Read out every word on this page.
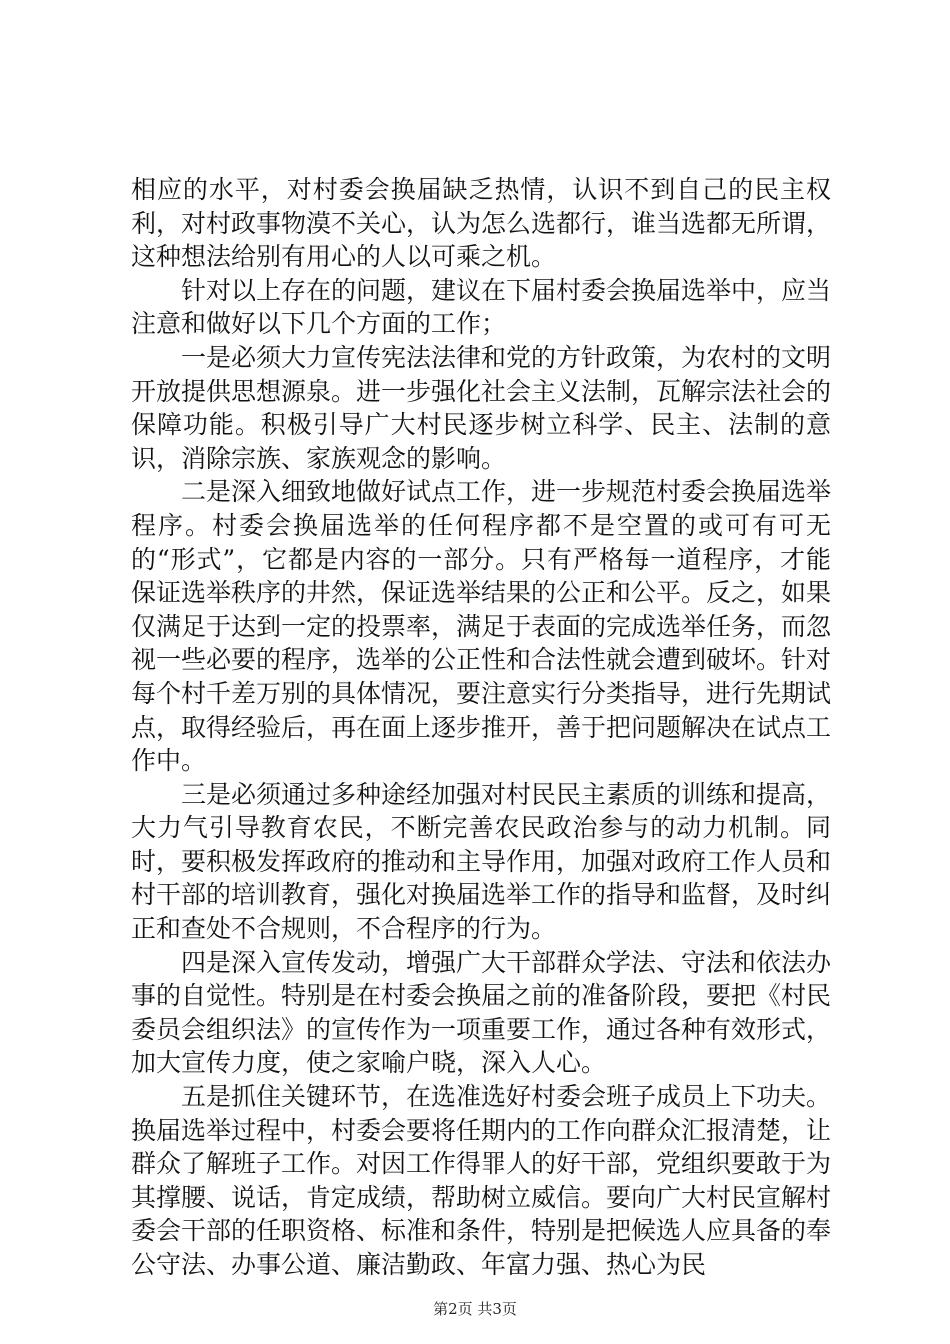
相应的水平，对村委会换届缺乏热情，认识不到自己的民主权利，对村政事物漠不关心，认为怎么选都行，谁当选都无所谓，这种想法给别有用心的人以可乘之机。

针对以上存在的问题，建议在下届村委会换届选举中，应当注意和做好以下几个方面的工作；

一是必须大力宣传宪法法律和党的方针政策，为农村的文明开放提供思想源泉。进一步强化社会主义法制，瓦解宗法社会的保障功能。积极引导广大村民逐步树立科学、民主、法制的意识，消除宗族、家族观念的影响。

二是深入细致地做好试点工作，进一步规范村委会换届选举程序。村委会换届选举的任何程序都不是空置的或可有可无的“形式”，它都是内容的一部分。只有严格每一道程序，才能保证选举秩序的井然，保证选举结果的公正和公平。反之，如果仅满足于达到一定的投票率，满足于表面的完成选举任务，而忽视一些必要的程序，选举的公正性和合法性就会遭到破坏。针对每个村千差万别的具体情况，要注意实行分类指导，进行先期试点，取得经验后，再在面上逐步推开，善于把问题解决在试点工作中。

三是必须通过多种途经加强对村民民主素质的训练和提高，大力气引导教育农民，不断完善农民政治参与的动力机制。同时，要积极发挥政府的推动和主导作用，加强对政府工作人员和村干部的培训教育，强化对换届选举工作的指导和监督，及时纠正和查处不合规则，不合程序的行为。

四是深入宣传发动，增强广大干部群众学法、守法和依法办事的自觉性。特别是在村委会换届之前的准备阶段，要把《村民委员会组织法》的宣传作为一项重要工作，通过各种有效形式，加大宣传力度，使之家喻户晓，深入人心。

五是抓住关键环节，在选准选好村委会班子成员上下功夫。换届选举过程中，村委会要将任期内的工作向群众汇报清楚，让群众了解班子工作。对因工作得罪人的好干部，党组织要敢于为其撑腰、说话，肯定成绩，帮助树立威信。要向广大村民宣解村委会干部的任职资格、标准和条件，特别是把候选人应具备的奉公守法、办事公道、廉洁勤政、年富力强、热心为民

第2页 共3页
